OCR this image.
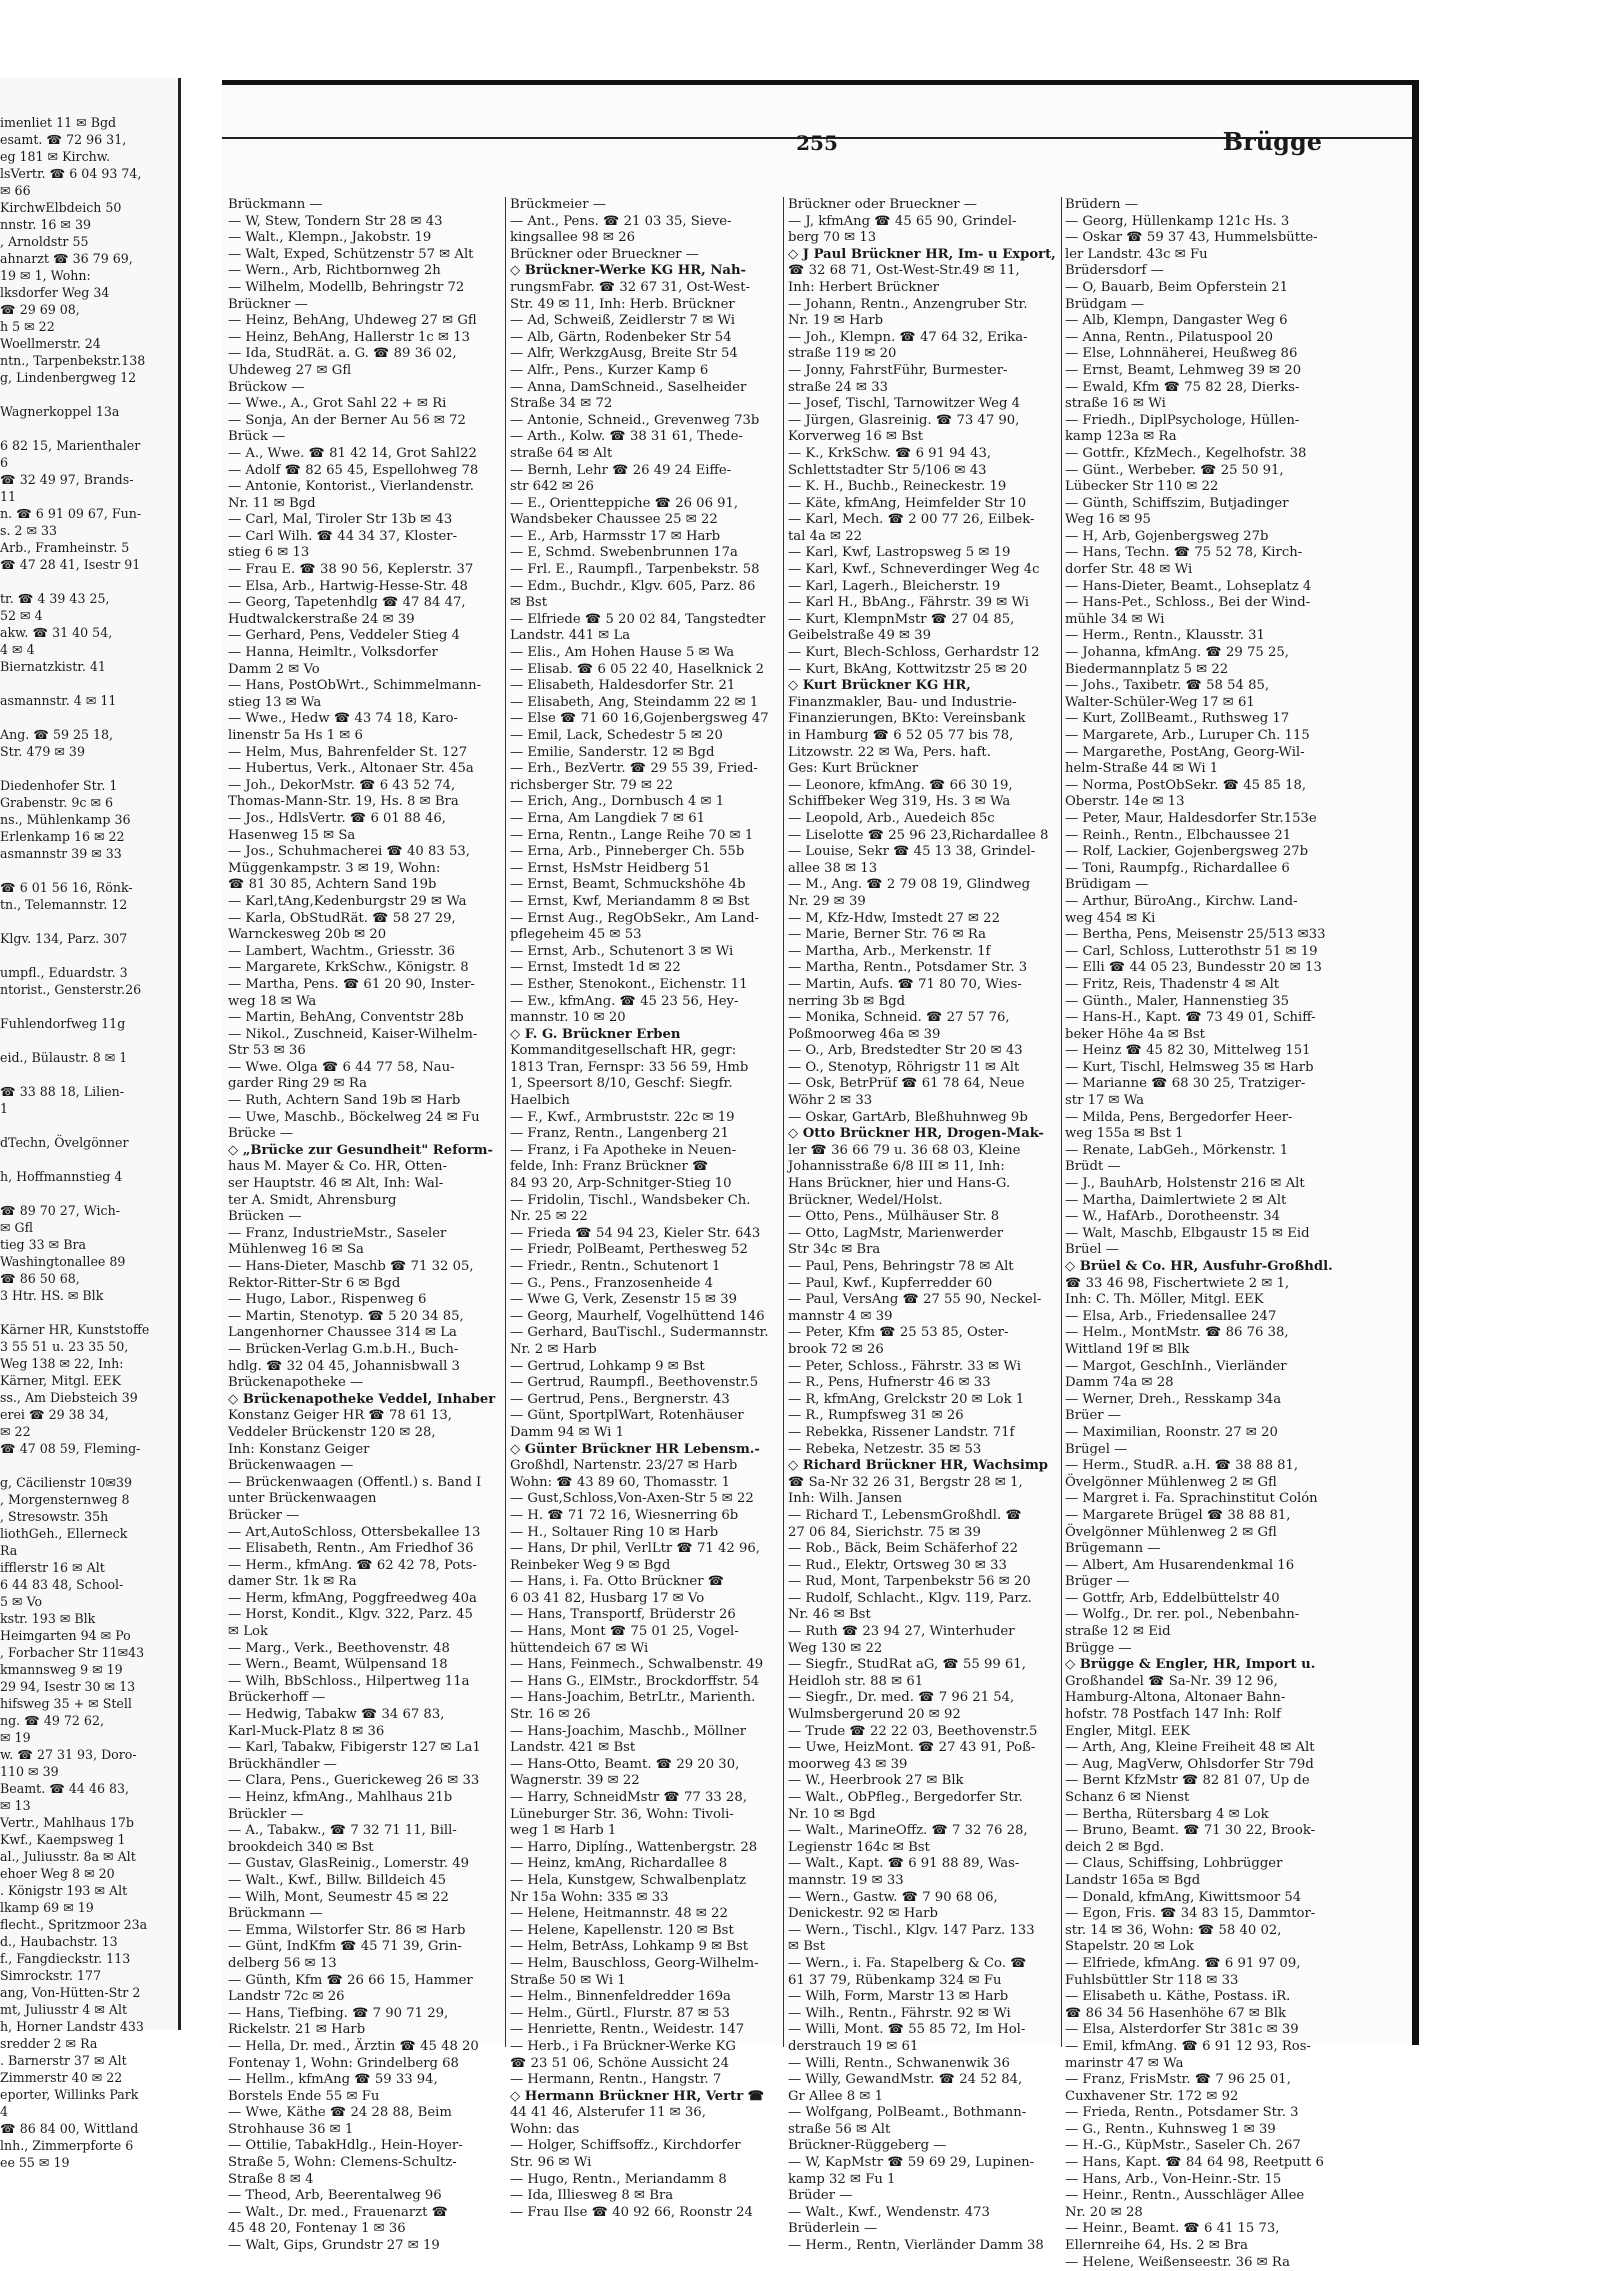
imenliet 11 ✉ Bgd
esamt. ☎ 72 96 31,
eg 181 ✉ Kirchw.
lsVertr. ☎ 6 04 93 74,
✉ 66
KirchwElbdeich 50
nnstr. 16 ✉ 39
, Arnoldstr 55
ahnarzt ☎ 36 79 69,
19 ✉ 1, Wohn:
lksdorfer Weg 34
☎ 29 69 08,
h 5 ✉ 22
Woellmerstr. 24
ntn., Tarpenbekstr.138
g, Lindenbergweg 12

Wagnerkoppel 13a

6 82 15, Marienthaler
6
☎ 32 49 97, Brands-
11
n. ☎ 6 91 09 67, Fun-
s. 2 ✉ 33
Arb., Framheinstr. 5
☎ 47 28 41, Isestr 91

tr. ☎ 4 39 43 25,
52 ✉ 4
akw. ☎ 31 40 54,
4 ✉ 4
Biernatzkistr. 41

asmannstr. 4 ✉ 11

Ang. ☎ 59 25 18,
Str. 479 ✉ 39

Diedenhofer Str. 1
Grabenstr. 9c ✉ 6
ns., Mühlenkamp 36
Erlenkamp 16 ✉ 22
asmannstr 39 ✉ 33

☎ 6 01 56 16, Rönk-
tn., Telemannstr. 12

Klgv. 134, Parz. 307

umpfl., Eduardstr. 3
ntorist., Gensterstr.26

Fuhlendorfweg 11g

eid., Bülaustr. 8 ✉ 1

☎ 33 88 18, Lilien-
1

dTechn, Övelgönner

h, Hoffmannstieg 4

☎ 89 70 27, Wich-
✉ Gfl
tieg 33 ✉ Bra
Washingtonallee 89
☎ 86 50 68,
3 Htr. HS. ✉ Blk

Kärner HR, Kunststoffe
3 55 51 u. 23 35 50,
Weg 138 ✉ 22, Inh:
Kärner, Mitgl. EEK
ss., Am Diebsteich 39
erei ☎ 29 38 34,
✉ 22
☎ 47 08 59, Fleming-

g, Cäcilienstr 10✉39
, Morgensternweg 8
, Stresowstr. 35h
liothGeh., Ellerneck
Ra
ifflerstr 16 ✉ Alt
6 44 83 48, School-
5 ✉ Vo
kstr. 193 ✉ Blk
Heimgarten 94 ✉ Po
, Forbacher Str 11✉43
kmannsweg 9 ✉ 19
29 94, Isestr 30 ✉ 13
hifsweg 35 + ✉ Stell
ng. ☎ 49 72 62,
✉ 19
w. ☎ 27 31 93, Doro-
110 ✉ 39
Beamt. ☎ 44 46 83,
✉ 13
Vertr., Mahlhaus 17b
Kwf., Kaempsweg 1
al., Juliusstr. 8a ✉ Alt
ehoer Weg 8 ✉ 20
. Königstr 193 ✉ Alt
lkamp 69 ✉ 19
flecht., Spritzmoor 23a
d., Haubachstr. 13
f., Fangdieckstr. 113
Simrockstr. 177
ang, Von-Hütten-Str 2
mt, Juliusstr 4 ✉ Alt
h, Horner Landstr 433
sredder 2 ✉ Ra
. Barnerstr 37 ✉ Alt
Zimmerstr 40 ✉ 22
eporter, Willinks Park
4
☎ 86 84 00, Wittland
lnh., Zimmerpforte 6
ee 55 ✉ 19
255	Brügge
Brückmann —
— W, Stew, Tondern Str 28 ✉ 43
— Walt., Klempn., Jakobstr. 19
— Walt, Exped, Schützenstr 57 ✉ Alt
— Wern., Arb, Richtbornweg 2h
— Wilhelm, Modellb, Behringstr 72
Brückner —
— Heinz, BehAng, Uhdeweg 27 ✉ Gfl
— Heinz, BehAng, Hallerstr 1c ✉ 13
— Ida, StudRät. a. G. ☎ 89 36 02,
Uhdeweg 27 ✉ Gfl
Brückow —
— Wwe., A., Grot Sahl 22 + ✉ Ri
— Sonja, An der Berner Au 56 ✉ 72
Brück —
— A., Wwe. ☎ 81 42 14, Grot Sahl22
— Adolf ☎ 82 65 45, Espellohweg 78
— Antonie, Kontorist., Vierlandenstr.
Nr. 11 ✉ Bgd
— Carl, Mal, Tiroler Str 13b ✉ 43
— Carl Wilh. ☎ 44 34 37, Kloster-
stieg 6 ✉ 13
— Frau E. ☎ 38 90 56, Keplerstr. 37
— Elsa, Arb., Hartwig-Hesse-Str. 48
— Georg, Tapetenhdlg ☎ 47 84 47,
Hudtwalckerstraße 24 ✉ 39
— Gerhard, Pens, Veddeler Stieg 4
— Hanna, Heimltr., Volksdorfer
Damm 2 ✉ Vo
— Hans, PostObWrt., Schimmelmann-
stieg 13 ✉ Wa
— Wwe., Hedw ☎ 43 74 18, Karo-
linenstr 5a Hs 1 ✉ 6
— Helm, Mus, Bahrenfelder St. 127
— Hubertus, Verk., Altonaer Str. 45a
— Joh., DekorMstr. ☎ 6 43 52 74,
Thomas-Mann-Str. 19, Hs. 8 ✉ Bra
— Jos., HdlsVertr. ☎ 6 01 88 46,
Hasenweg 15 ✉ Sa
— Jos., Schuhmacherei ☎ 40 83 53,
Müggenkampstr. 3 ✉ 19, Wohn:
☎ 81 30 85, Achtern Sand 19b
— Karl,tAng,Kedenburgstr 29 ✉ Wa
— Karla, ObStudRät. ☎ 58 27 29,
Warnckesweg 20b ✉ 20
— Lambert, Wachtm., Griesstr. 36
— Margarete, KrkSchw., Königstr. 8
— Martha, Pens. ☎ 61 20 90, Inster-
weg 18 ✉ Wa
— Martin, BehAng, Conventstr 28b
— Nikol., Zuschneid, Kaiser-Wilhelm-
Str 53 ✉ 36
— Wwe. Olga ☎ 6 44 77 58, Nau-
garder Ring 29 ✉ Ra
— Ruth, Achtern Sand 19b ✉ Harb
— Uwe, Maschb., Böckelweg 24 ✉ Fu
Brücke —
◇ „Brücke zur Gesundheit" Reform-
haus M. Mayer & Co. HR, Otten-
ser Hauptstr. 46 ✉ Alt, Inh: Wal-
ter A. Smidt, Ahrensburg
Brücken —
— Franz, IndustrieMstr., Saseler
Mühlenweg 16 ✉ Sa
— Hans-Dieter, Maschb ☎ 71 32 05,
Rektor-Ritter-Str 6 ✉ Bgd
— Hugo, Labor., Rispenweg 6
— Martin, Stenotyp. ☎ 5 20 34 85,
Langenhorner Chaussee 314 ✉ La
— Brücken-Verlag G.m.b.H., Buch-
hdlg. ☎ 32 04 45, Johannisbwall 3
Brückenapotheke —
◇ Brückenapotheke Veddel, Inhaber
Konstanz Geiger HR ☎ 78 61 13,
Veddeler Brückenstr 120 ✉ 28,
Inh: Konstanz Geiger
Brückenwaagen —
— Brückenwaagen (Offentl.) s. Band I
unter Brückenwaagen
Brücker —
— Art,AutoSchloss, Ottersbekallee 13
— Elisabeth, Rentn., Am Friedhof 36
— Herm., kfmAng. ☎ 62 42 78, Pots-
damer Str. 1k ✉ Ra
— Herm, kfmAng, Poggfreedweg 40a
— Horst, Kondit., Klgv. 322, Parz. 45
✉ Lok
— Marg., Verk., Beethovenstr. 48
— Wern., Beamt, Wülpensand 18
— Wilh, BbSchloss., Hilpertweg 11a
Brückerhoff —
— Hedwig, Tabakw ☎ 34 67 83,
Karl-Muck-Platz 8 ✉ 36
— Karl, Tabakw, Fibigerstr 127 ✉ La1
Brückhändler —
— Clara, Pens., Guerickeweg 26 ✉ 33
— Heinz, kfmAng., Mahlhaus 21b
Brückler —
— A., Tabakw., ☎ 7 32 71 11, Bill-
brookdeich 340 ✉ Bst
— Gustav, GlasReinig., Lomerstr. 49
— Walt., Kwf., Billw. Billdeich 45
— Wilh, Mont, Seumestr 45 ✉ 22
Brückmann —
— Emma, Wilstorfer Str. 86 ✉ Harb
— Günt, IndKfm ☎ 45 71 39, Grin-
delberg 56 ✉ 13
— Günth, Kfm ☎ 26 66 15, Hammer
Landstr 72c ✉ 26
— Hans, Tiefbing. ☎ 7 90 71 29,
Rickelstr. 21 ✉ Harb
— Hella, Dr. med., Ärztin ☎ 45 48 20
Fontenay 1, Wohn: Grindelberg 68
— Hellm., kfmAng ☎ 59 33 94,
Borstels Ende 55 ✉ Fu
— Wwe, Käthe ☎ 24 28 88, Beim
Strohhause 36 ✉ 1
— Ottilie, TabakHdlg., Hein-Hoyer-
Straße 5, Wohn: Clemens-Schultz-
Straße 8 ✉ 4
— Theod, Arb, Beerentalweg 96
— Walt., Dr. med., Frauenarzt ☎
45 48 20, Fontenay 1 ✉ 36
— Walt, Gips, Grundstr 27 ✉ 19
Brückmeier —
— Ant., Pens. ☎ 21 03 35, Sieve-
kingsallee 98 ✉ 26
Brückner oder Brueckner —
◇ Brückner-Werke KG HR, Nah-
rungsmFabr. ☎ 32 67 31, Ost-West-
Str. 49 ✉ 11, Inh: Herb. Brückner
— Ad, Schweiß, Zeidlerstr 7 ✉ Wi
— Alb, Gärtn, Rodenbeker Str 54
— Alfr, WerkzgAusg, Breite Str 54
— Alfr., Pens., Kurzer Kamp 6
— Anna, DamSchneid., Saselheider
Straße 34 ✉ 72
— Antonie, Schneid., Grevenweg 73b
— Arth., Kolw. ☎ 38 31 61, Thede-
straße 64 ✉ Alt
— Bernh, Lehr ☎ 26 49 24 Eiffe-
str 642 ✉ 26
— E., Orientteppiche ☎ 26 06 91,
Wandsbeker Chaussee 25 ✉ 22
— E., Arb, Harmsstr 17 ✉ Harb
— E, Schmd. Swebenbrunnen 17a
— Frl. E., Raumpfl., Tarpenbekstr. 58
— Edm., Buchdr., Klgv. 605, Parz. 86
✉ Bst
— Elfriede ☎ 5 20 02 84, Tangstedter
Landstr. 441 ✉ La
— Elis., Am Hohen Hause 5 ✉ Wa
— Elisab. ☎ 6 05 22 40, Haselknick 2
— Elisabeth, Haldesdorfer Str. 21
— Elisabeth, Ang, Steindamm 22 ✉ 1
— Else ☎ 71 60 16,Gojenbergsweg 47
— Emil, Lack, Schedestr 5 ✉ 20
— Emilie, Sanderstr. 12 ✉ Bgd
— Erh., BezVertr. ☎ 29 55 39, Fried-
richsberger Str. 79 ✉ 22
— Erich, Ang., Dornbusch 4 ✉ 1
— Erna, Am Langdiek 7 ✉ 61
— Erna, Rentn., Lange Reihe 70 ✉ 1
— Erna, Arb., Pinneberger Ch. 55b
— Ernst, HsMstr Heidberg 51
— Ernst, Beamt, Schmuckshöhe 4b
— Ernst, Kwf, Meriandamm 8 ✉ Bst
— Ernst Aug., RegObSekr., Am Land-
pflegeheim 45 ✉ 53
— Ernst, Arb., Schutenort 3 ✉ Wi
— Ernst, Imstedt 1d ✉ 22
— Esther, Stenokont., Eichenstr. 11
— Ew., kfmAng. ☎ 45 23 56, Hey-
mannstr. 10 ✉ 20
◇ F. G. Brückner Erben
Kommanditgesellschaft HR, gegr:
1813 Tran, Fernspr: 33 56 59, Hmb
1, Speersort 8/10, Geschf: Siegfr.
Haelbich
— F., Kwf., Armbruststr. 22c ✉ 19
— Franz, Rentn., Langenberg 21
— Franz, i Fa Apotheke in Neuen-
felde, Inh: Franz Brückner ☎
84 93 20, Arp-Schnitger-Stieg 10
— Fridolin, Tischl., Wandsbeker Ch.
Nr. 25 ✉ 22
— Frieda ☎ 54 94 23, Kieler Str. 643
— Friedr, PolBeamt, Perthesweg 52
— Friedr., Rentn., Schutenort 1
— G., Pens., Franzosenheide 4
— Wwe G, Verk, Zesenstr 15 ✉ 39
— Georg, Maurhelf, Vogelhüttend 146
— Gerhard, BauTischl., Sudermannstr.
Nr. 2 ✉ Harb
— Gertrud, Lohkamp 9 ✉ Bst
— Gertrud, Raumpfl., Beethovenstr.5
— Gertrud, Pens., Bergnerstr. 43
— Günt, SportplWart, Rotenhäuser
Damm 94 ✉ Wi 1
◇ Günter Brückner HR Lebensm.-
Großhdl, Nartenstr. 23/27 ✉ Harb
Wohn: ☎ 43 89 60, Thomasstr. 1
— Gust,Schloss,Von-Axen-Str 5 ✉ 22
— H. ☎ 71 72 16, Wiesnerring 6b
— H., Soltauer Ring 10 ✉ Harb
— Hans, Dr phil, VerlLtr ☎ 71 42 96,
Reinbeker Weg 9 ✉ Bgd
— Hans, i. Fa. Otto Brückner ☎
6 03 41 82, Husbarg 17 ✉ Vo
— Hans, Transportf, Brüderstr 26
— Hans, Mont ☎ 75 01 25, Vogel-
hüttendeich 67 ✉ Wi
— Hans, Feinmech., Schwalbenstr. 49
— Hans G., ElMstr., Brockdorffstr. 54
— Hans-Joachim, BetrLtr., Marienth.
Str. 16 ✉ 26
— Hans-Joachim, Maschb., Möllner
Landstr. 421 ✉ Bst
— Hans-Otto, Beamt. ☎ 29 20 30,
Wagnerstr. 39 ✉ 22
— Harry, SchneidMstr ☎ 77 33 28,
Lüneburger Str. 36, Wohn: Tivoli-
weg 1 ✉ Harb 1
— Harro, Diplíng., Wattenbergstr. 28
— Heinz, kmAng, Richardallee 8
— Hela, Kunstgew, Schwalbenplatz
Nr 15a Wohn: 335 ✉ 33
— Helene, Heitmannstr. 48 ✉ 22
— Helene, Kapellenstr. 120 ✉ Bst
— Helm, BetrAss, Lohkamp 9 ✉ Bst
— Helm, Bauschloss, Georg-Wilhelm-
Straße 50 ✉ Wi 1
— Helm., Binnenfeldredder 169a
— Helm., Gürtl., Flurstr. 87 ✉ 53
— Henriette, Rentn., Weidestr. 147
— Herb., i Fa Brückner-Werke KG
☎ 23 51 06, Schöne Aussicht 24
— Hermann, Rentn., Hangstr. 7
◇ Hermann Brückner HR, Vertr ☎
44 41 46, Alsterufer 11 ✉ 36,
Wohn: das
— Holger, Schiffsoffz., Kirchdorfer
Str. 96 ✉ Wi
— Hugo, Rentn., Meriandamm 8
— Ida, Illiesweg 8 ✉ Bra
— Frau Ilse ☎ 40 92 66, Roonstr 24
Brückner oder Brueckner —
— J, kfmAng ☎ 45 65 90, Grindel-
berg 70 ✉ 13
◇ J Paul Brückner HR, Im- u Export,
☎ 32 68 71, Ost-West-Str.49 ✉ 11,
Inh: Herbert Brückner
— Johann, Rentn., Anzengruber Str.
Nr. 19 ✉ Harb
— Joh., Klempn. ☎ 47 64 32, Erika-
straße 119 ✉ 20
— Jonny, FahrstFühr, Burmester-
straße 24 ✉ 33
— Josef, Tischl, Tarnowitzer Weg 4
— Jürgen, Glasreinig. ☎ 73 47 90,
Korverweg 16 ✉ Bst
— K., KrkSchw. ☎ 6 91 94 43,
Schlettstadter Str 5/106 ✉ 43
— K. H., Buchb., Reineckestr. 19
— Käte, kfmAng, Heimfelder Str 10
— Karl, Mech. ☎ 2 00 77 26, Eilbek-
tal 4a ✉ 22
— Karl, Kwf, Lastropsweg 5 ✉ 19
— Karl, Kwf., Schneverdinger Weg 4c
— Karl, Lagerh., Bleicherstr. 19
— Karl H., BbAng., Fährstr. 39 ✉ Wi
— Kurt, KlempnMstr ☎ 27 04 85,
Geibelstraße 49 ✉ 39
— Kurt, Blech-Schloss, Gerhardstr 12
— Kurt, BkAng, Kottwitzstr 25 ✉ 20
◇ Kurt Brückner KG HR,
Finanzmakler, Bau- und Industrie-
Finanzierungen, BKto: Vereinsbank
in Hamburg ☎ 6 52 05 77 bis 78,
Litzowstr. 22 ✉ Wa, Pers. haft.
Ges: Kurt Brückner
— Leonore, kfmAng. ☎ 66 30 19,
Schiffbeker Weg 319, Hs. 3 ✉ Wa
— Leopold, Arb., Auedeich 85c
— Liselotte ☎ 25 96 23,Richardallee 8
— Louise, Sekr ☎ 45 13 38, Grindel-
allee 38 ✉ 13
— M., Ang. ☎ 2 79 08 19, Glindweg
Nr. 29 ✉ 39
— M, Kfz-Hdw, Imstedt 27 ✉ 22
— Marie, Berner Str. 76 ✉ Ra
— Martha, Arb., Merkenstr. 1f
— Martha, Rentn., Potsdamer Str. 3
— Martin, Aufs. ☎ 71 80 70, Wies-
nerring 3b ✉ Bgd
— Monika, Schneid. ☎ 27 57 76,
Poßmoorweg 46a ✉ 39
— O., Arb, Bredstedter Str 20 ✉ 43
— O., Stenotyp, Röhrigstr 11 ✉ Alt
— Osk, BetrPrüf ☎ 61 78 64, Neue
Wöhr 2 ✉ 33
— Oskar, GartArb, Bleßhuhnweg 9b
◇ Otto Brückner HR, Drogen-Mak-
ler ☎ 36 66 79 u. 36 68 03, Kleine
Johannisstraße 6/8 III ✉ 11, Inh:
Hans Brückner, hier und Hans-G.
Brückner, Wedel/Holst.
— Otto, Pens., Mülhäuser Str. 8
— Otto, LagMstr, Marienwerder
Str 34c ✉ Bra
— Paul, Pens, Behringstr 78 ✉ Alt
— Paul, Kwf., Kupferredder 60
— Paul, VersAng ☎ 27 55 90, Neckel-
mannstr 4 ✉ 39
— Peter, Kfm ☎ 25 53 85, Oster-
brook 72 ✉ 26
— Peter, Schloss., Fährstr. 33 ✉ Wi
— R., Pens, Hufnerstr 46 ✉ 33
— R, kfmAng, Grelckstr 20 ✉ Lok 1
— R., Rumpfsweg 31 ✉ 26
— Rebekka, Rissener Landstr. 71f
— Rebeka, Netzestr. 35 ✉ 53
◇ Richard Brückner HR, Wachsimp
☎ Sa-Nr 32 26 31, Bergstr 28 ✉ 1,
Inh: Wilh. Jansen
— Richard T., LebensmGroßhdl. ☎
27 06 84, Sierichstr. 75 ✉ 39
— Rob., Bäck, Beim Schäferhof 22
— Rud., Elektr, Ortsweg 30 ✉ 33
— Rud, Mont, Tarpenbekstr 56 ✉ 20
— Rudolf, Schlacht., Klgv. 119, Parz.
Nr. 46 ✉ Bst
— Ruth ☎ 23 94 27, Winterhuder
Weg 130 ✉ 22
— Siegfr., StudRat aG, ☎ 55 99 61,
Heidloh str. 88 ✉ 61
— Siegfr., Dr. med. ☎ 7 96 21 54,
Wulmsbergerund 20 ✉ 92
— Trude ☎ 22 22 03, Beethovenstr.5
— Uwe, HeizMont. ☎ 27 43 91, Poß-
moorweg 43 ✉ 39
— W., Heerbrook 27 ✉ Blk
— Walt., ObPfleg., Bergedorfer Str.
Nr. 10 ✉ Bgd
— Walt., MarineOffz. ☎ 7 32 76 28,
Legienstr 164c ✉ Bst
— Walt., Kapt. ☎ 6 91 88 89, Was-
mannstr. 19 ✉ 33
— Wern., Gastw. ☎ 7 90 68 06,
Denickestr. 92 ✉ Harb
— Wern., Tischl., Klgv. 147 Parz. 133
✉ Bst
— Wern., i. Fa. Stapelberg & Co. ☎
61 37 79, Rübenkamp 324 ✉ Fu
— Wilh, Form, Marstr 13 ✉ Harb
— Wilh., Rentn., Fährstr. 92 ✉ Wi
— Willi, Mont. ☎ 55 85 72, Im Hol-
derstrauch 19 ✉ 61
— Willi, Rentn., Schwanenwik 36
— Willy, GewandMstr. ☎ 24 52 84,
Gr Allee 8 ✉ 1
— Wolfgang, PolBeamt., Bothmann-
straße 56 ✉ Alt
Brückner-Rüggeberg —
— W, KapMstr ☎ 59 69 29, Lupinen-
kamp 32 ✉ Fu 1
Brüder —
— Walt., Kwf., Wendenstr. 473
Brüderlein —
— Herm., Rentn, Vierländer Damm 38
Brüdern —
— Georg, Hüllenkamp 121c Hs. 3
— Oskar ☎ 59 37 43, Hummelsbütte-
ler Landstr. 43c ✉ Fu
Brüdersdorf —
— O, Bauarb, Beim Opferstein 21
Brüdgam —
— Alb, Klempn, Dangaster Weg 6
— Anna, Rentn., Pilatuspool 20
— Else, Lohnnäherei, Heußweg 86
— Ernst, Beamt, Lehmweg 39 ✉ 20
— Ewald, Kfm ☎ 75 82 28, Dierks-
straße 16 ✉ Wi
— Friedh., DiplPsychologe, Hüllen-
kamp 123a ✉ Ra
— Gottfr., KfzMech., Kegelhofstr. 38
— Günt., Werbeber. ☎ 25 50 91,
Lübecker Str 110 ✉ 22
— Günth, Schiffszim, Butjadinger
Weg 16 ✉ 95
— H, Arb, Gojenbergsweg 27b
— Hans, Techn. ☎ 75 52 78, Kirch-
dorfer Str. 48 ✉ Wi
— Hans-Dieter, Beamt., Lohseplatz 4
— Hans-Pet., Schloss., Bei der Wind-
mühle 34 ✉ Wi
— Herm., Rentn., Klausstr. 31
— Johanna, kfmAng. ☎ 29 75 25,
Biedermannplatz 5 ✉ 22
— Johs., Taxibetr. ☎ 58 54 85,
Walter-Schüler-Weg 17 ✉ 61
— Kurt, ZollBeamt., Ruthsweg 17
— Margarete, Arb., Luruper Ch. 115
— Margarethe, PostAng, Georg-Wil-
helm-Straße 44 ✉ Wi 1
— Norma, PostObSekr. ☎ 45 85 18,
Oberstr. 14e ✉ 13
— Peter, Maur, Haldesdorfer Str.153e
— Reinh., Rentn., Elbchaussee 21
— Rolf, Lackier, Gojenbergsweg 27b
— Toni, Raumpfg., Richardallee 6
Brüdigam —
— Arthur, BüroAng., Kirchw. Land-
weg 454 ✉ Ki
— Bertha, Pens, Meisenstr 25/513 ✉33
— Carl, Schloss, Lutterothstr 51 ✉ 19
— Elli ☎ 44 05 23, Bundesstr 20 ✉ 13
— Fritz, Reis, Thadenstr 4 ✉ Alt
— Günth., Maler, Hannenstieg 35
— Hans-H., Kapt. ☎ 73 49 01, Schiff-
beker Höhe 4a ✉ Bst
— Heinz ☎ 45 82 30, Mittelweg 151
— Kurt, Tischl, Helmsweg 35 ✉ Harb
— Marianne ☎ 68 30 25, Tratziger-
str 17 ✉ Wa
— Milda, Pens, Bergedorfer Heer-
weg 155a ✉ Bst 1
— Renate, LabGeh., Mörkenstr. 1
Brüdt —
— J., BauhArb, Holstenstr 216 ✉ Alt
— Martha, Daimlertwiete 2 ✉ Alt
— W., HafArb., Dorotheenstr. 34
— Walt, Maschb, Elbgaustr 15 ✉ Eid
Brüel —
◇ Brüel & Co. HR, Ausfuhr-Großhdl.
☎ 33 46 98, Fischertwiete 2 ✉ 1,
Inh: C. Th. Möller, Mitgl. EEK
— Elsa, Arb., Friedensallee 247
— Helm., MontMstr. ☎ 86 76 38,
Wittland 19f ✉ Blk
— Margot, GeschInh., Vierländer
Damm 74a ✉ 28
— Werner, Dreh., Resskamp 34a
Brüer —
— Maximilian, Roonstr. 27 ✉ 20
Brügel —
— Herm., StudR. a.H. ☎ 38 88 81,
Övelgönner Mühlenweg 2 ✉ Gfl
— Margret i. Fa. Sprachinstitut Colón
— Margarete Brügel ☎ 38 88 81,
Övelgönner Mühlenweg 2 ✉ Gfl
Brügemann —
— Albert, Am Husarendenkmal 16
Brüger —
— Gottfr, Arb, Eddelbüttelstr 40
— Wolfg., Dr. rer. pol., Nebenbahn-
straße 12 ✉ Eid
Brügge —
◇ Brügge & Engler, HR, Import u.
Großhandel ☎ Sa-Nr. 39 12 96,
Hamburg-Altona, Altonaer Bahn-
hofstr. 78 Postfach 147 Inh: Rolf
Engler, Mitgl. EEK
— Arth, Ang, Kleine Freiheit 48 ✉ Alt
— Aug, MagVerw, Ohlsdorfer Str 79d
— Bernt KfzMstr ☎ 82 81 07, Up de
Schanz 6 ✉ Nienst
— Bertha, Rütersbarg 4 ✉ Lok
— Bruno, Beamt. ☎ 71 30 22, Brook-
deich 2 ✉ Bgd.
— Claus, Schiffsing, Lohbrügger
Landstr 165a ✉ Bgd
— Donald, kfmAng, Kiwittsmoor 54
— Egon, Fris. ☎ 34 83 15, Dammtor-
str. 14 ✉ 36, Wohn: ☎ 58 40 02,
Stapelstr. 20 ✉ Lok
— Elfriede, kfmAng. ☎ 6 91 97 09,
Fuhlsbüttler Str 118 ✉ 33
— Elisabeth u. Käthe, Postass. iR.
☎ 86 34 56 Hasenhöhe 67 ✉ Blk
— Elsa, Alsterdorfer Str 381c ✉ 39
— Emil, kfmAng. ☎ 6 91 12 93, Ros-
marinstr 47 ✉ Wa
— Franz, FrisMstr. ☎ 7 96 25 01,
Cuxhavener Str. 172 ✉ 92
— Frieda, Rentn., Potsdamer Str. 3
— G., Rentn., Kuhnsweg 1 ✉ 39
— H.-G., KüpMstr., Saseler Ch. 267
— Hans, Kapt. ☎ 84 64 98, Reetputt 6
— Hans, Arb., Von-Heinr.-Str. 15
— Heinr., Rentn., Ausschläger Allee
Nr. 20 ✉ 28
— Heinr., Beamt. ☎ 6 41 15 73,
Ellernreihe 64, Hs. 2 ✉ Bra
— Helene, Weißenseestr. 36 ✉ Ra
